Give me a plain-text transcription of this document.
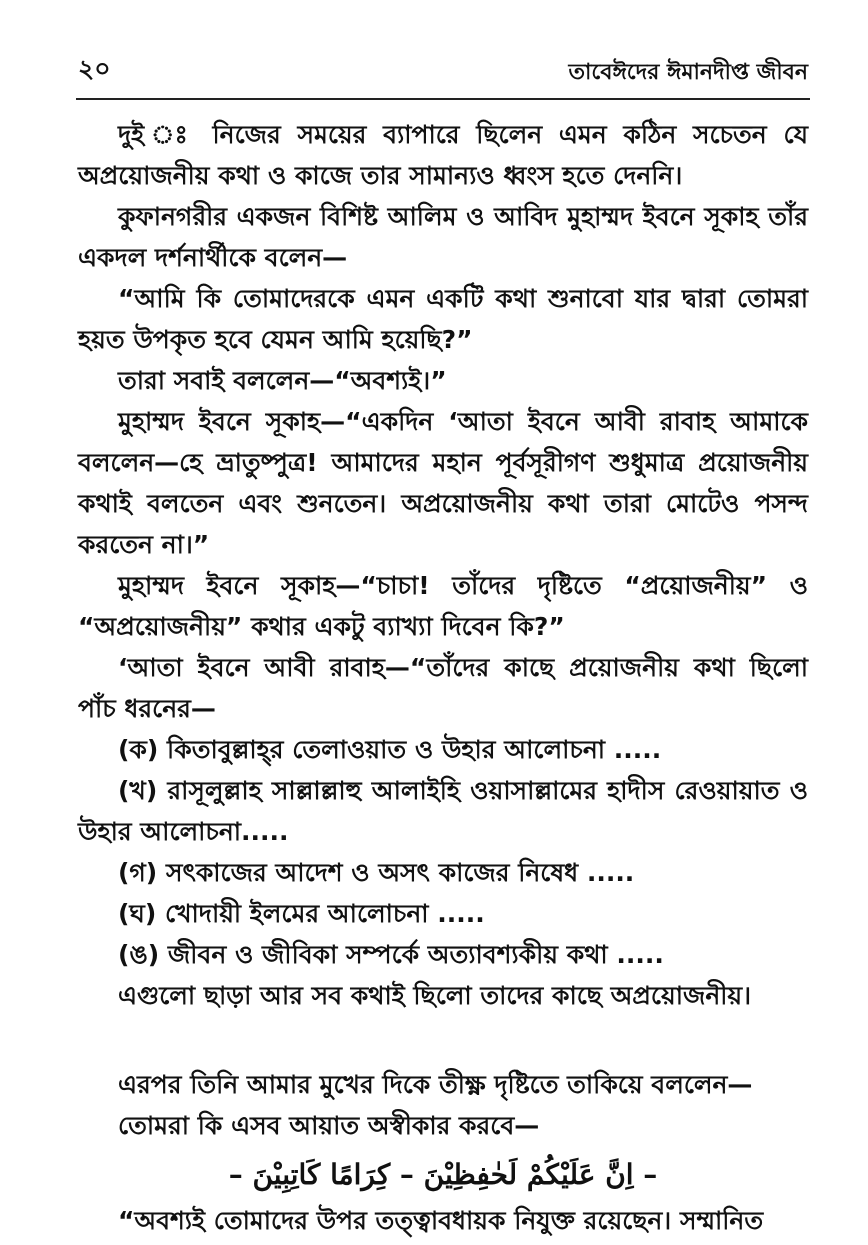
২০	তাবেঈদের ঈমানদীপ্ত জীবন

দুই ঃ নিজের সময়ের ব্যাপারে ছিলেন এমন কঠিন সচেতন যে অপ্রয়োজনীয় কথা ও কাজে তার সামান্যও ধ্বংস হতে দেননি।

কুফানগরীর একজন বিশিষ্ট আলিম ও আবিদ মুহাম্মদ ইবনে সূকাহ তাঁর একদল দর্শনার্থীকে বলেন—

“আমি কি তোমাদেরকে এমন একটি কথা শুনাবো যার দ্বারা তোমরা হয়ত উপকৃত হবে যেমন আমি হয়েছি?”

তারা সবাই বললেন—“অবশ্যই।”

মুহাম্মদ ইবনে সূকাহ—“একদিন ‘আতা ইবনে আবী রাবাহ আমাকে বললেন—হে ভ্রাতুষ্পুত্র! আমাদের মহান পূর্বসূরীগণ শুধুমাত্র প্রয়োজনীয় কথাই বলতেন এবং শুনতেন। অপ্রয়োজনীয় কথা তারা মোটেও পসন্দ করতেন না।”

মুহাম্মদ ইবনে সূকাহ—“চাচা! তাঁদের দৃষ্টিতে “প্রয়োজনীয়” ও “অপ্রয়োজনীয়” কথার একটু ব্যাখ্যা দিবেন কি?”

‘আতা ইবনে আবী রাবাহ—“তাঁদের কাছে প্রয়োজনীয় কথা ছিলো পাঁচ ধরনের—

(ক) কিতাবুল্লাহ্‌র তেলাওয়াত ও উহার আলোচনা .....

(খ) রাসূলুল্লাহ সাল্লাল্লাহু আলাইহি ওয়াসাল্লামের হাদীস রেওয়ায়াত ও উহার আলোচনা.....

(গ) সৎকাজের আদেশ ও অসৎ কাজের নিষেধ .....

(ঘ) খোদায়ী ইলমের আলোচনা .....

(ঙ) জীবন ও জীবিকা সম্পর্কে অত্যাবশ্যকীয় কথা .....

এগুলো ছাড়া আর সব কথাই ছিলো তাদের কাছে অপ্রয়োজনীয়।

এরপর তিনি আমার মুখের দিকে তীক্ষ্ণ দৃষ্টিতে তাকিয়ে বললেন—

তোমরা কি এসব আয়াত অস্বীকার করবে—

– اِنَّ عَلَيْكُمْ لَحٰفِظِيْنَ – كِرَامًا كَاتِبِيْنَ –

“অবশ্যই তোমাদের উপর তত্ত্বাবধায়ক নিযুক্ত রয়েছেন। সম্মানিত
